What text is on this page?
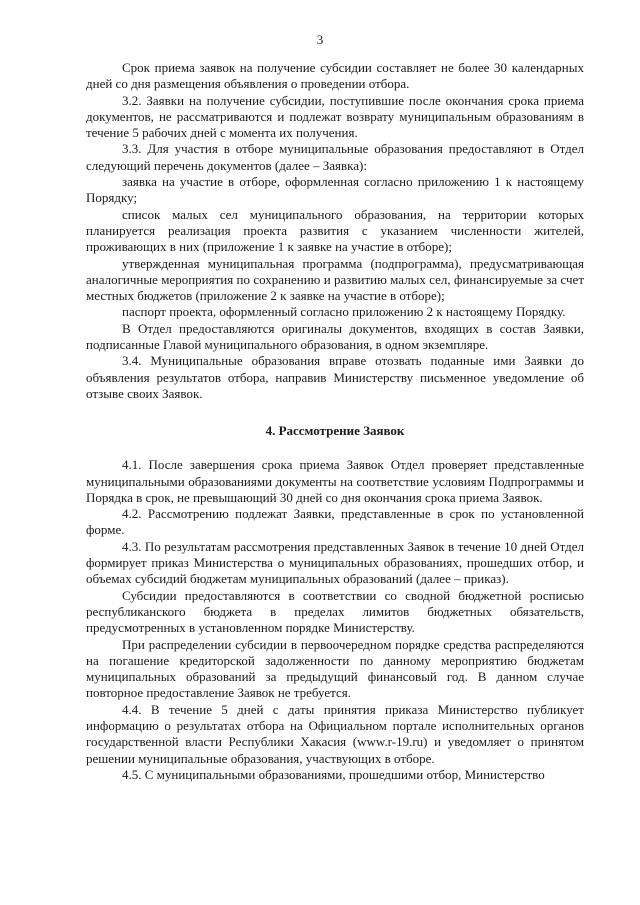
3

Срок приема заявок на получение субсидии составляет не более 30 календарных дней со дня размещения объявления о проведении отбора.

3.2. Заявки на получение субсидии, поступившие после окончания срока приема документов, не рассматриваются и подлежат возврату муниципальным образованиям в течение 5 рабочих дней с момента их получения.

3.3. Для участия в отборе муниципальные образования предоставляют в Отдел следующий перечень документов (далее – Заявка):

заявка на участие в отборе, оформленная согласно приложению 1 к настоящему Порядку;

список малых сел муниципального образования, на территории которых планируется реализация проекта развития с указанием численности жителей, проживающих в них (приложение 1 к заявке на участие в отборе);

утвержденная муниципальная программа (подпрограмма), предусматривающая аналогичные мероприятия по сохранению и развитию малых сел, финансируемые за счет местных бюджетов (приложение 2 к заявке на участие в отборе);

паспорт проекта, оформленный согласно приложению 2 к настоящему Порядку.

В Отдел предоставляются оригиналы документов, входящих в состав Заявки, подписанные Главой муниципального образования, в одном экземпляре.

3.4. Муниципальные образования вправе отозвать поданные ими Заявки до объявления результатов отбора, направив Министерству письменное уведомление об отзыве своих Заявок.

4. Рассмотрение Заявок

4.1. После завершения срока приема Заявок Отдел проверяет представленные муниципальными образованиями документы на соответствие условиям Подпрограммы и Порядка в срок, не превышающий 30 дней со дня окончания срока приема Заявок.

4.2. Рассмотрению подлежат Заявки, представленные в срок по установленной форме.

4.3. По результатам рассмотрения представленных Заявок в течение 10 дней Отдел формирует приказ Министерства о муниципальных образованиях, прошедших отбор, и объемах субсидий бюджетам муниципальных образований (далее – приказ).

Субсидии предоставляются в соответствии со сводной бюджетной росписью республиканского бюджета в пределах лимитов бюджетных обязательств, предусмотренных в установленном порядке Министерству.

При распределении субсидии в первоочередном порядке средства распределяются на погашение кредиторской задолженности по данному мероприятию бюджетам муниципальных образований за предыдущий финансовый год. В данном случае повторное предоставление Заявок не требуется.

4.4. В течение 5 дней с даты принятия приказа Министерство публикует информацию о результатах отбора на Официальном портале исполнительных органов государственной власти Республики Хакасия (www.r-19.ru) и уведомляет о принятом решении муниципальные образования, участвующих в отборе.

4.5. С муниципальными образованиями, прошедшими отбор, Министерство
